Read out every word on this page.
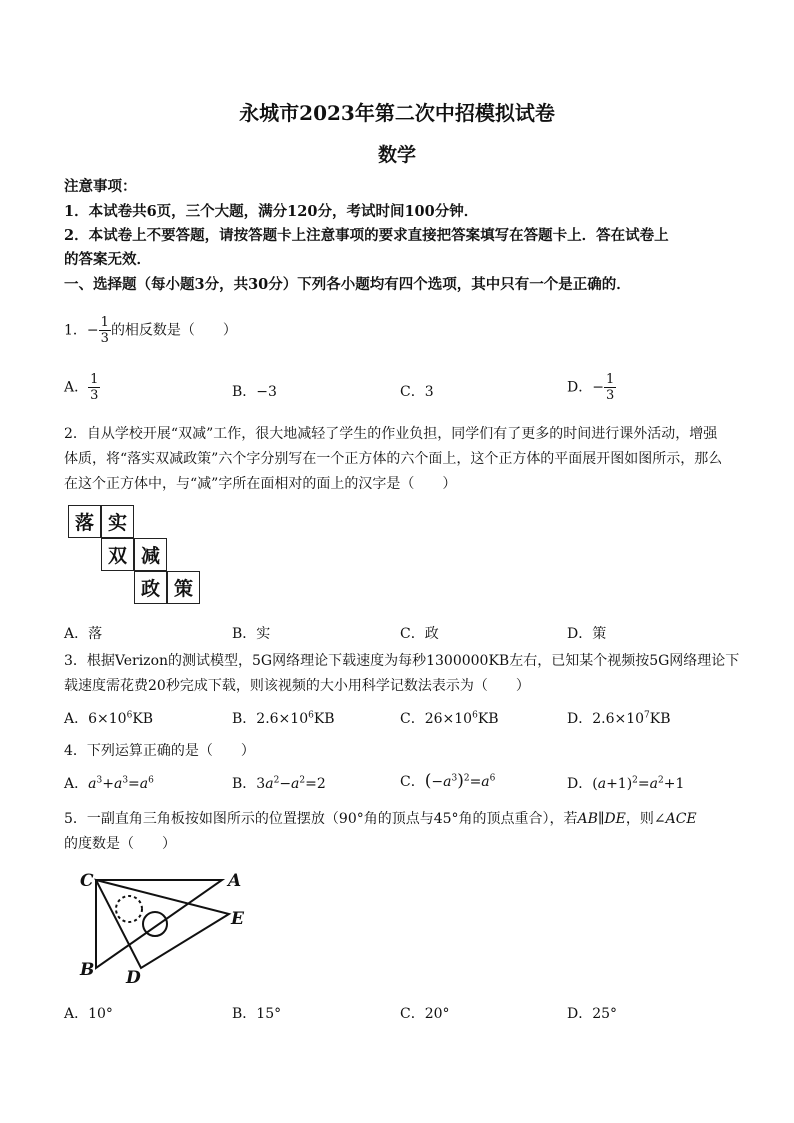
永城市2023年第二次中招模拟试卷
数学
注意事项：
1．本试卷共6页，三个大题，满分120分，考试时间100分钟．
2．本试卷上不要答题，请按答题卡上注意事项的要求直接把答案填写在答题卡上．答在试卷上
的答案无效．
一、选择题（每小题3分，共30分）下列各小题均有四个选项，其中只有一个是正确的．
1．− $\frac{1}{3}$ 的相反数是（　　）
A． $\frac{1}{3}$	B．−3	C．3	D．− $\frac{1}{3}$
2．自从学校开展“双减”工作，很大地减轻了学生的作业负担，同学们有了更多的时间进行课外活动，增强
体质，将“落实双减政策”六个字分别写在一个正方体的六个面上，这个正方体的平面展开图如图所示，那么
在这个正方体中，与“减”字所在面相对的面上的汉字是（　　）
落 实
双 减
政 策
A．落	B．实	C．政	D．策
3．根据Verizon的测试模型，5G网络理论下载速度为每秒1300000KB左右，已知某个视频按5G网络理论下
载速度需花费20秒完成下载，则该视频的大小用科学记数法表示为（　　）
A．$6\times 10^6KB$	B．$2.6\times 10^6KB$	C．$26\times 10^6KB$	D．$2.6\times 10^7KB$
4．下列运算正确的是（　　）
A．$a^3+a^3=a^6$	B．$3a^2-a^2=2$	C．$(-a^3)^2=a^6$	D．$(a+1)^2=a^2+1$
5．一副直角三角板按如图所示的位置摆放（90°角的顶点与45°角的顶点重合），若AB∥DE，则∠ACE
的度数是（　　）
C	A
E
B D
A．10°	B．15°	C．20°	D．25°
